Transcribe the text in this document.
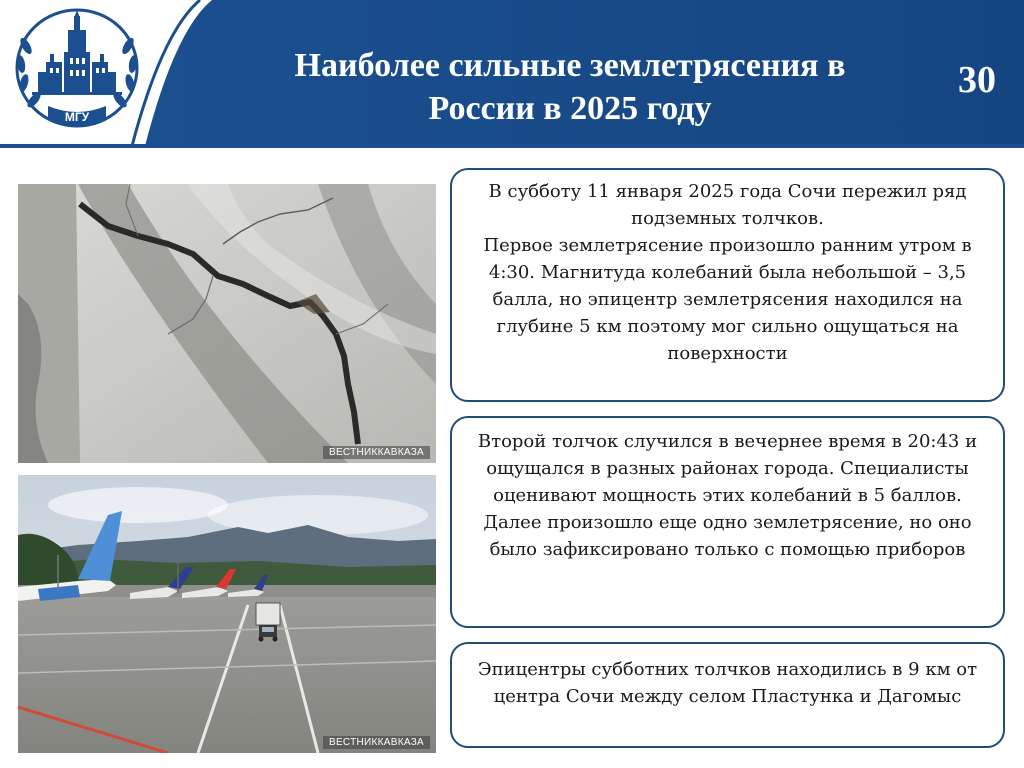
МГУ
Наиболее сильные землетрясения в
России в 2025 году
30
ВЕСТНИККАВКАЗА
ВЕСТНИККАВКАЗА

В субботу 11 января 2025 года Сочи пережил ряд подземных толчков.

Первое землетрясение произошло ранним утром в 4:30. Магнитуда колебаний была небольшой – 3,5 балла, но эпицентр землетрясения находился на глубине 5 км поэтому мог сильно ощущаться на поверхности

Второй толчок случился в вечернее время в 20:43 и ощущался в разных районах города. Специалисты оценивают мощность этих колебаний в 5 баллов.

Далее произошло еще одно землетрясение, но оно было зафиксировано только с помощью приборов

Эпицентры субботних толчков находились в 9 км от центра Сочи между селом Пластунка и Дагомыс
